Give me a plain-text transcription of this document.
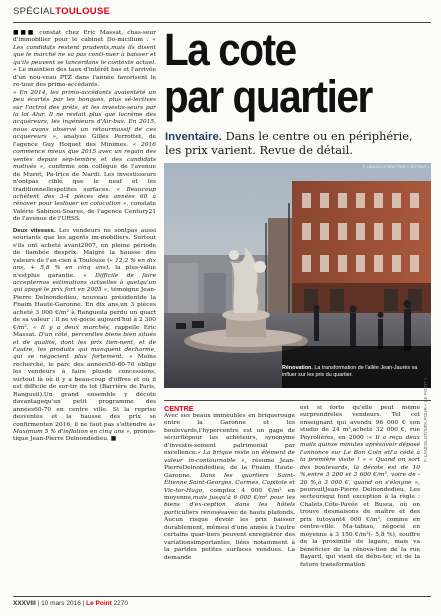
SPÉCIALTOULOUSE

■■■ constat chez Eric Massat, chas-seur d'immobilier pour le cabinet Do-micilium : « Les candidats restent prudents,mais ils disent que le marché ne va pas conti-nuer à baisser et qu'ils peuvent se lancerdans le contexte actuel. » Le maintien des taux d'intérêt bas et l'arrivée d'un nou-veau PTZ dans l'année favorisent le re-tour des primo-accédants.

« En 2014, les primo-accédants avaientété un peu écartés par les banques, plus sé-lectives sur l'octroi des prêts, et les investis-seurs par la loi Alur. Il ne restait plus que lacrème des acquéreurs, les ingénieurs d'Air-bus. En 2015, nous avons observé un retourmassif de ces acquéreurs », analyse Gilles Perrottet, de l'agence Guy Hoquet des Minimes. « 2016 commence mieux que 2015 avec un regain des ventes depuis sep-tembre et des candidats motivés », confirme son collègue de l'avenue de Muret, Pa-trice de Nardi. Les investisseurs n'ontpas ciblé que le neuf et les traditionnellespetites surfaces. « Beaucoup achètent des 3-4 pièces des années 60 à rénover pour leslouer en colocation », constate Valérie Sabinou-Soares, de l'agence Century21 de l'avenue de l'URSS.

Deux vitesses. Les vendeurs ne sontpas aussi souriants que les agents im-mobiliers. Surtout s'ils ont acheté avant2007, en pleine période de flambée desprix. Malgré la hausse des valeurs de l'an-cien à Toulouse (« 12,2 % en dix ans, + 5,8 % en cinq ans), la plus-value n'estplus garantie. « Difficile de faire accepternos estimations actuelles à quelqu'un qui apayé le prix fort en 2005 », témoigne Jean-Pierre Delnondedieu, nouveau présidentde la Fnaim Haute-Garonne. En dix ans,un 3 pièces acheté 3 000 €/m² à Rangueila perdu un quart de sa valeur : il ne vé-gocie aujourd'hui à 2 300 €/m². « Il y a deux marchés, rappelle Eric Massat. D'un côté, percentles biens bien situés et de qualité, dont les prix tien-nent, et de l'autre, les produits qui manquent decharme, qui se négocient plus fortement. » Moins recherché, le parc des années50-60-70 oblige les vendeurs à faire plusde concessions, surtout là où il y a beau-coup d'offres et où il est difficile de sor-tir du lot (Barrière de Paris, Rangueil).Un grand ensemble y décote davantagequ'un petit programme des années60-70 en centre ville. Si la reprise desventes et la hausse des prix se confirmenten 2016, il ne faut pas s'attendre à« Maximum 5 % d'inflation en cinq ans », pronos-tique Jean-Pierre Delnondedieu. ■

La cote
par quartier
Inventaire. Dans le centre ou en périphérie, les prix varient. Revue de détail.
F. LANCELOT/SIPA POUR « LE POINT »
Rénovation. La transformation de l'allée Jean-Jaurès va influer sur les prix du quartier.
CENTRE

Avec ses beaux immeubles en briquerouge entre la Garonne et les boulevards,l'hypercentre est un gage de sécuritépour les acheteurs, synonyme d'investis-sement patrimonial par excellence.« La brique reste un élément de valeur in-contournable », résume Jean-PierreDelnondedieu, de la Fnaim Haute-Garonne. Dans les quartiers Saint-Étienne,Saint-Georges, Carmes, Capitole et Vic-tor-Hugo, comptez 4 000 €/m² en moyenne,mais jusqu'à 6 000 €/m² pour les biens d'ex-ception dans les hôtels particuliers rénovésavec de hauts plafonds. Aucun risque devoir les prix baisser durablement, mêmesi d'une année à l'autre certains quar-tiers peuvent enregistrer des variationsimportantes, liées notamment à la partdes petites surfaces vendues. La demande

est si forte qu'elle peut même surprendreles vendeurs. Tel cet enseignant qui avendu 96 000 € son studio de 24 m²,acheté 32 000 €, rue Peyrolières, en 2000 :« Il a reçu deux mails quinze minutes aprèsavoir déposé l'annonce sur Le Bon Coin etl'a cédé à la première visite ! » « Quand on sort des boulevards, la décote est de 10 %,entre 3 200 et 3 600 €/m², voire de - 20 %,à 3 000 €, quand on s'éloigne », poursuitJean-Pierre Delnondedieu. Les secteursqui font exception à la règle : Chalets,Côte-Pavée et Busca, où on trouve desmaisons de maître et des prix tutoyant4 000 €/m², comme en centre-ville. Ma-tabiau, négocié en moyenne à 3 150 €/m²(- 5,8 %), souffre de la proximité de lagare, mais va bénéficier de la rénova-tion de la rue Bayard, qui vient de débu-ter, et de la future transformation

F. LANCELOT/SIPA POUR « LE POINT »
XXXVIII | 10 mars 2016 | Le Point 2270
